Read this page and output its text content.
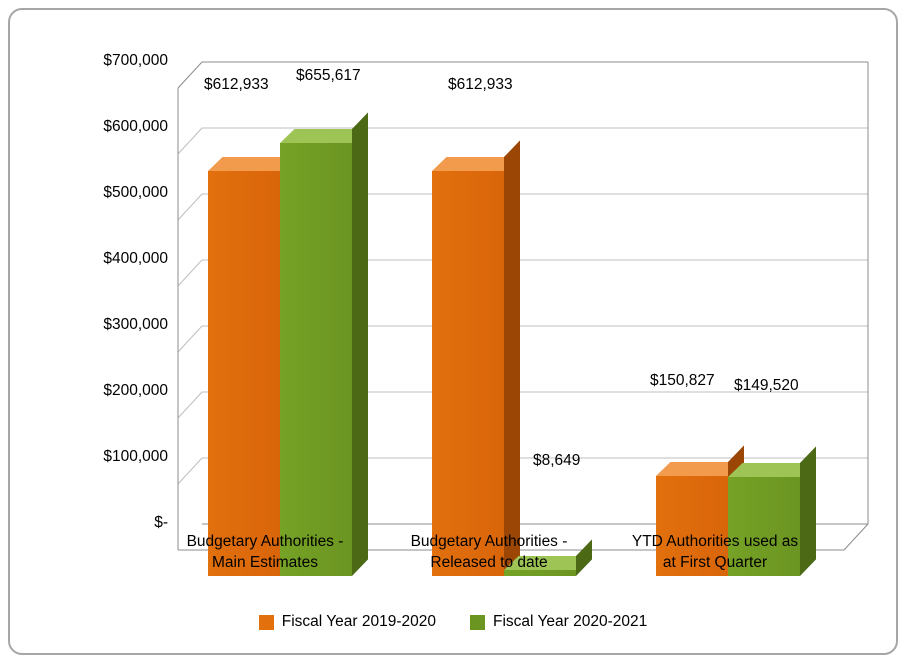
$700,000
$600,000
$500,000
$400,000
$300,000
$200,000
$100,000
$-
$612,933
$655,617
$612,933
$8,649
$150,827 $149,520
Budgetary Authorities -
Main Estimates
Budgetary Authorities -
Released to date
YTD Authorities used as
at First Quarter
Fiscal Year 2019-2020	Fiscal Year 2020-2021
